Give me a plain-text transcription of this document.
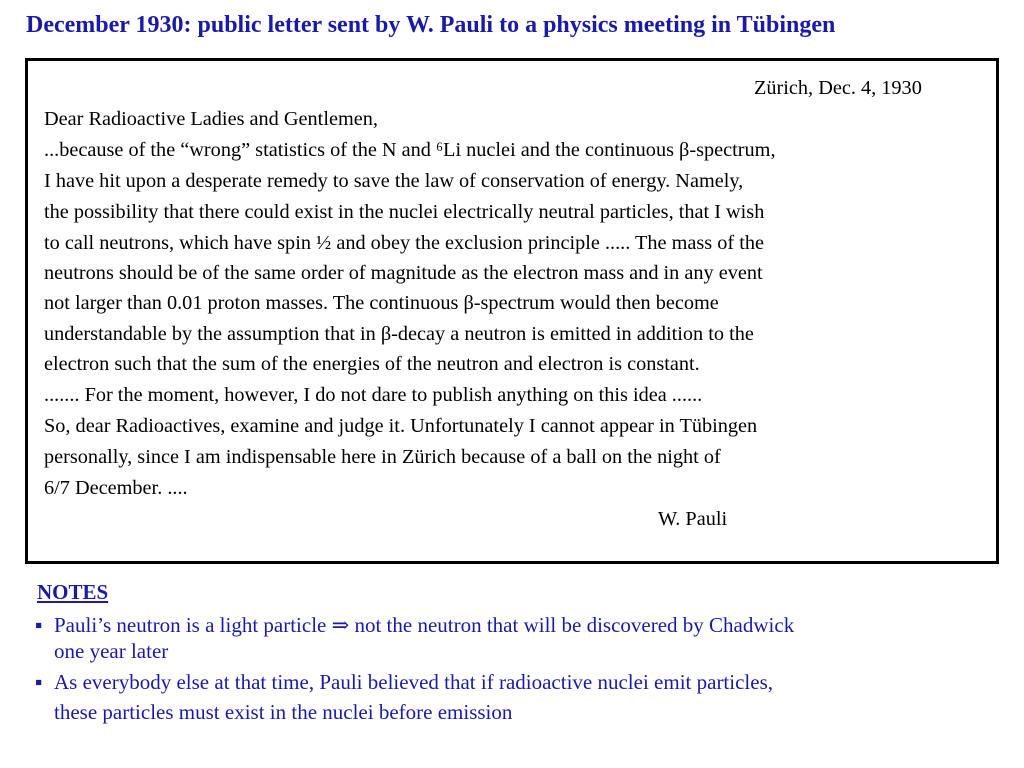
December 1930: public letter sent by W. Pauli to a physics meeting in Tübingen
Zürich, Dec. 4, 1930
Dear Radioactive Ladies and Gentlemen,
...because of the “wrong” statistics of the N and ⁶Li nuclei and the continuous β-spectrum,
I have hit upon a desperate remedy to save the law of conservation of energy. Namely,
the possibility that there could exist in the nuclei electrically neutral particles, that I wish
to call neutrons, which have spin ½ and obey the exclusion principle ..... The mass of the
neutrons should be of the same order of magnitude as the electron mass and in any event
not larger than 0.01 proton masses. The continuous β-spectrum would then become
understandable by the assumption that in β-decay a neutron is emitted in addition to the
electron such that the sum of the energies of the neutron and electron is constant.
....... For the moment, however, I do not dare to publish anything on this idea ......
So, dear Radioactives, examine and judge it. Unfortunately I cannot appear in Tübingen
personally, since I am indispensable here in Zürich because of a ball on the night of
6/7 December. ....
W. Pauli
NOTES
▪ Pauli’s neutron is a light particle ⇒ not the neutron that will be discovered by Chadwick
one year later
▪ As everybody else at that time, Pauli believed that if radioactive nuclei emit particles,
these particles must exist in the nuclei before emission
